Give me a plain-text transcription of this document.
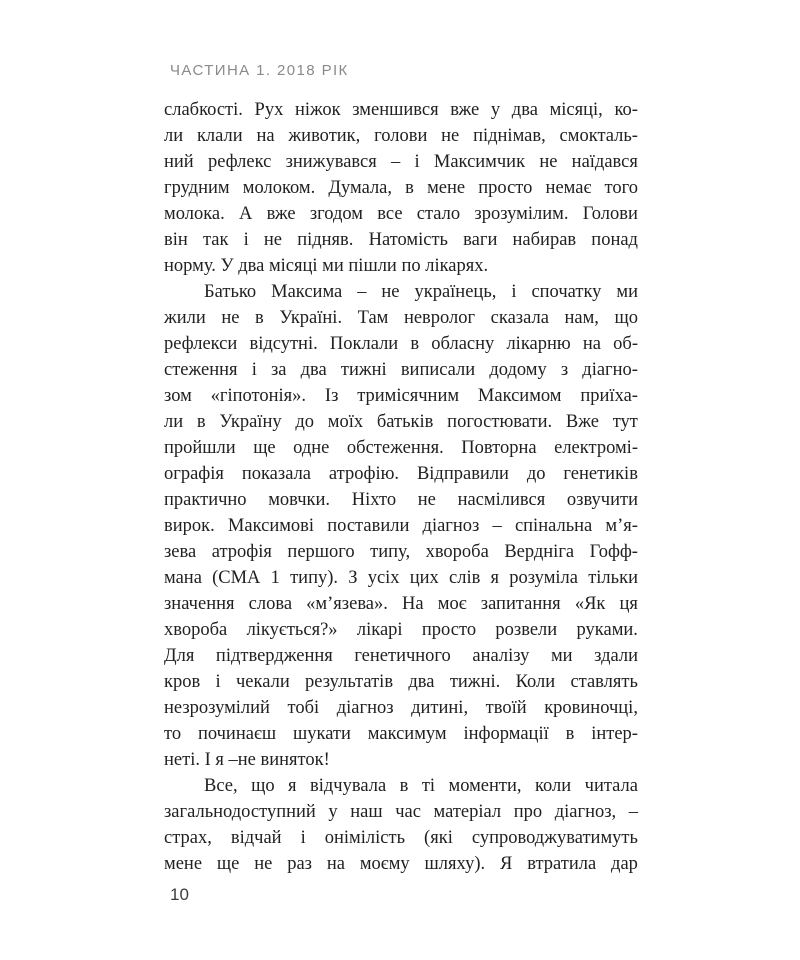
ЧАСТИНА 1. 2018 РІК
слабкості. Рух ніжок зменшився вже у два місяці, ко-
ли клали на животик, голови не піднімав, смокталь-
ний рефлекс знижувався – і Максимчик не наїдався
грудним молоком. Думала, в мене просто немає того
молока. А вже згодом все стало зрозумілим. Голови
він так і не підняв. Натомість ваги набирав понад
норму. У два місяці ми пішли по лікарях.
Батько Максима – не українець, і спочатку ми
жили не в Україні. Там невролог сказала нам, що
рефлекси відсутні. Поклали в обласну лікарню на об-
стеження і за два тижні виписали додому з діагно-
зом «гіпотонія». Із тримісячним Максимом приїха-
ли в Україну до моїх батьків погостювати. Вже тут
пройшли ще одне обстеження. Повторна електромі-
ографія показала атрофію. Відправили до генетиків
практично мовчки. Ніхто не насмілився озвучити
вирок. Максимові поставили діагноз – спінальна м’я-
зева атрофія першого типу, хвороба Вердніга Гофф-
мана (СМА 1 типу). З усіх цих слів я розуміла тільки
значення слова «м’язева». На моє запитання «Як ця
хвороба лікується?» лікарі просто розвели руками.
Для підтвердження генетичного аналізу ми здали
кров і чекали результатів два тижні. Коли ставлять
незрозумілий тобі діагноз дитині, твоїй кровиночці,
то починаєш шукати максимум інформації в інтер-
неті. І я –не виняток!
Все, що я відчувала в ті моменти, коли читала
загальнодоступний у наш час матеріал про діагноз, –
страх, відчай і онімілість (які супроводжуватимуть
мене ще не раз на моєму шляху). Я втратила дар
10
